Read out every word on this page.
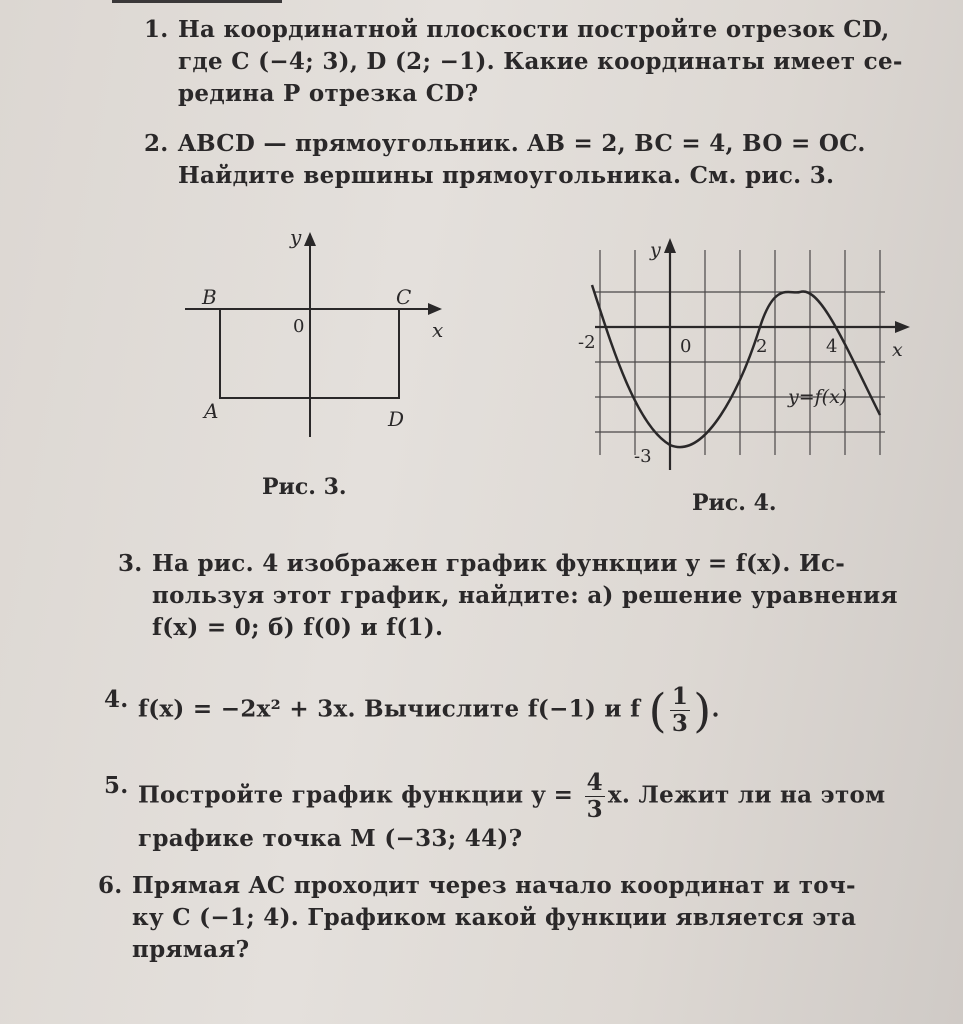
1. На координатной плоскости постройте отрезок CD,
где C (−4; 3), D (2; −1). Какие координаты имеет се-
редина P отрезка CD?
2. ABCD — прямоугольник. AB = 2, BC = 4, BO = OC.
Найдите вершины прямоугольника. См. рис. 3.
y
x
0
B	C
A	D
Рис. 3.
y
x
0
-2	2	4
-3
y=f(x)
Рис. 4.
3. На рис. 4 изображен график функции y = f(x). Ис-
пользуя этот график, найдите: а) решение уравнения
f(x) = 0; б) f(0) и f(1).
4. f(x) = −2x² + 3x. Вычислите f(−1) и f ( $\frac{1}{3}$ ).
5. Постройте график функции $y = \frac{4}{3} x$. Лежит ли на этом
графике точка M (−33; 44)?
6. Прямая AC проходит через начало координат и точ-
ку C (−1; 4). Графиком какой функции является эта
прямая?
